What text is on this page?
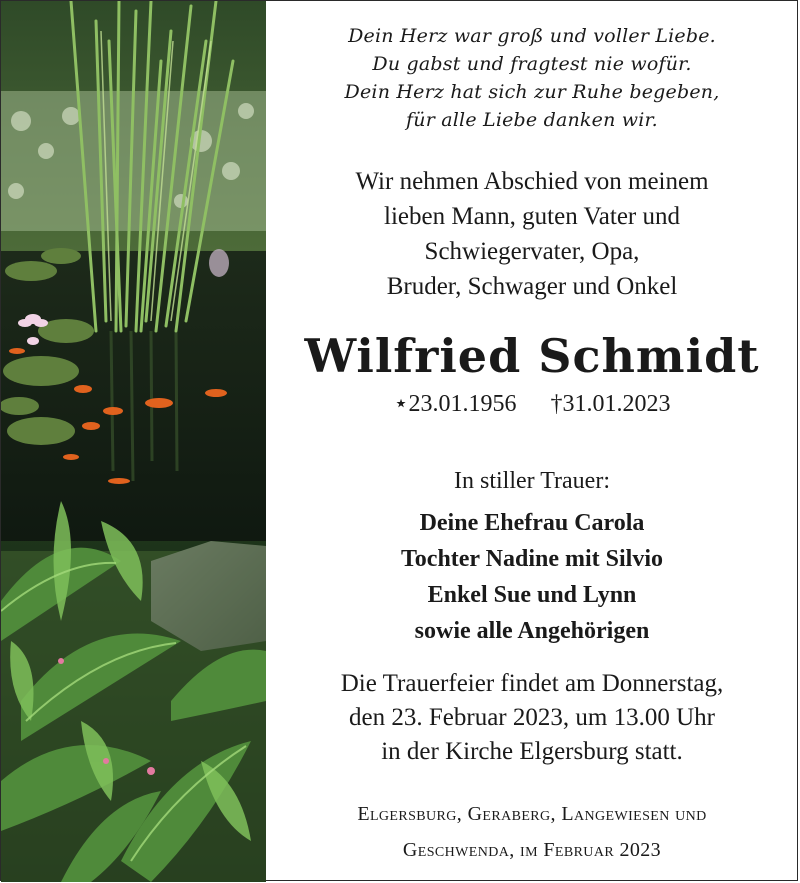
Dein Herz war groß und voller Liebe.
Du gabst und fragtest nie wofür.
Dein Herz hat sich zur Ruhe begeben,
für alle Liebe danken wir.
Wir nehmen Abschied von meinem
lieben Mann, guten Vater und
Schwiegervater, Opa,
Bruder, Schwager und Onkel
Wilfried Schmidt
⋆23.01.1956 †31.01.2023
In stiller Trauer:
Deine Ehefrau Carola
Tochter Nadine mit Silvio
Enkel Sue und Lynn
sowie alle Angehörigen
Die Trauerfeier findet am Donnerstag,
den 23. Februar 2023, um 13.00 Uhr
in der Kirche Elgersburg statt.
Elgersburg, Geraberg, Langewiesen und
Geschwenda, im Februar 2023
